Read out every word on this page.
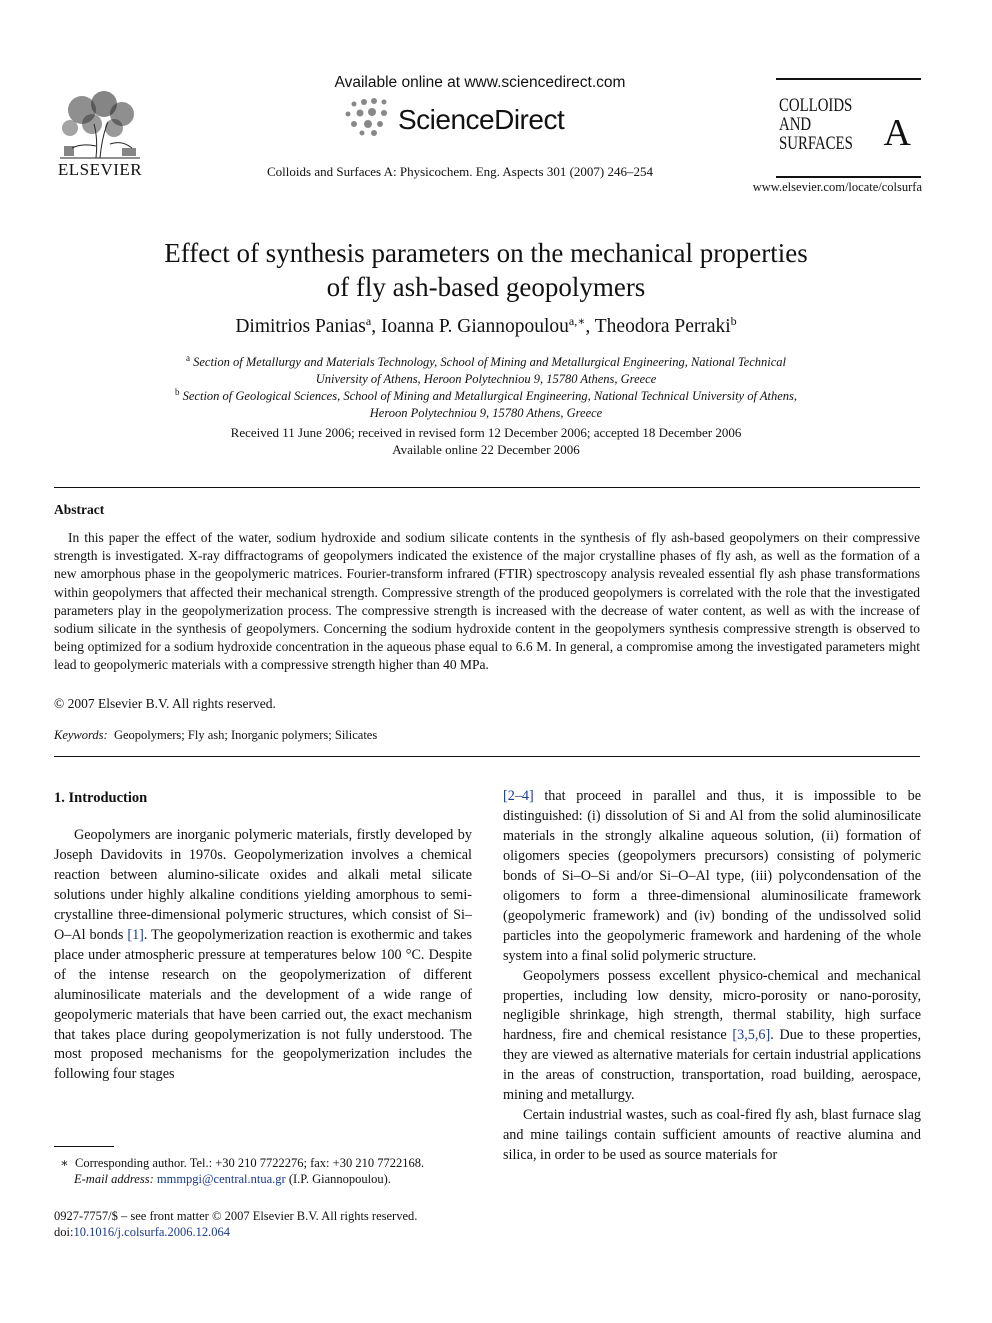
ELSEVIER
Available online at www.sciencedirect.com
ScienceDirect
Colloids and Surfaces A: Physicochem. Eng. Aspects 301 (2007) 246–254
COLLOIDS
AND
SURFACES A
www.elsevier.com/locate/colsurfa
Effect of synthesis parameters on the mechanical properties
of fly ash-based geopolymers
Dimitrios Panias$^a$, Ioanna P. Giannopoulou$^{a,∗}$, Theodora Perraki$^b$
$^a$ Section of Metallurgy and Materials Technology, School of Mining and Metallurgical Engineering, National Technical
University of Athens, Heroon Polytechniou 9, 15780 Athens, Greece
$^b$ Section of Geological Sciences, School of Mining and Metallurgical Engineering, National Technical University of Athens,
Heroon Polytechniou 9, 15780 Athens, Greece
Received 11 June 2006; received in revised form 12 December 2006; accepted 18 December 2006
Available online 22 December 2006
Abstract

In this paper the effect of the water, sodium hydroxide and sodium silicate contents in the synthesis of fly ash-based geopolymers on their compressive strength is investigated. X-ray diffractograms of geopolymers indicated the existence of the major crystalline phases of fly ash, as well as the formation of a new amorphous phase in the geopolymeric matrices. Fourier-transform infrared (FTIR) spectroscopy analysis revealed essential fly ash phase transformations within geopolymers that affected their mechanical strength. Compressive strength of the produced geopolymers is correlated with the role that the investigated parameters play in the geopolymerization process. The compressive strength is increased with the decrease of water content, as well as with the increase of sodium silicate in the synthesis of geopolymers. Concerning the sodium hydroxide content in the geopolymers synthesis compressive strength is observed to being optimized for a sodium hydroxide concentration in the aqueous phase equal to 6.6 M. In general, a compromise among the investigated parameters might lead to geopolymeric materials with a compressive strength higher than 40 MPa.

© 2007 Elsevier B.V. All rights reserved.
Keywords: Geopolymers; Fly ash; Inorganic polymers; Silicates
1. Introduction

Geopolymers are inorganic polymeric materials, firstly developed by Joseph Davidovits in 1970s. Geopolymerization involves a chemical reaction between alumino-silicate oxides and alkali metal silicate solutions under highly alkaline conditions yielding amorphous to semi-crystalline three-dimensional polymeric structures, which consist of Si–O–Al bonds [1]. The geopolymerization reaction is exothermic and takes place under atmospheric pressure at temperatures below 100 °C. Despite of the intense research on the geopolymerization of different aluminosilicate materials and the development of a wide range of geopolymeric materials that have been carried out, the exact mechanism that takes place during geopolymerization is not fully understood. The most proposed mechanisms for the geopolymerization includes the following four stages

[2–4] that proceed in parallel and thus, it is impossible to be distinguished: (i) dissolution of Si and Al from the solid aluminosilicate materials in the strongly alkaline aqueous solution, (ii) formation of oligomers species (geopolymers precursors) consisting of polymeric bonds of Si–O–Si and/or Si–O–Al type, (iii) polycondensation of the oligomers to form a three-dimensional aluminosilicate framework (geopolymeric framework) and (iv) bonding of the undissolved solid particles into the geopolymeric framework and hardening of the whole system into a final solid polymeric structure.

Geopolymers possess excellent physico-chemical and mechanical properties, including low density, micro-porosity or nano-porosity, negligible shrinkage, high strength, thermal stability, high surface hardness, fire and chemical resistance [3,5,6]. Due to these properties, they are viewed as alternative materials for certain industrial applications in the areas of construction, transportation, road building, aerospace, mining and metallurgy.

Certain industrial wastes, such as coal-fired fly ash, blast furnace slag and mine tailings contain sufficient amounts of reactive alumina and silica, in order to be used as source materials for

∗ Corresponding author. Tel.: +30 210 7722276; fax: +30 210 7722168.
E-mail address: mmmpgi@central.ntua.gr (I.P. Giannopoulou).
0927-7757/$ – see front matter © 2007 Elsevier B.V. All rights reserved.
doi:10.1016/j.colsurfa.2006.12.064
